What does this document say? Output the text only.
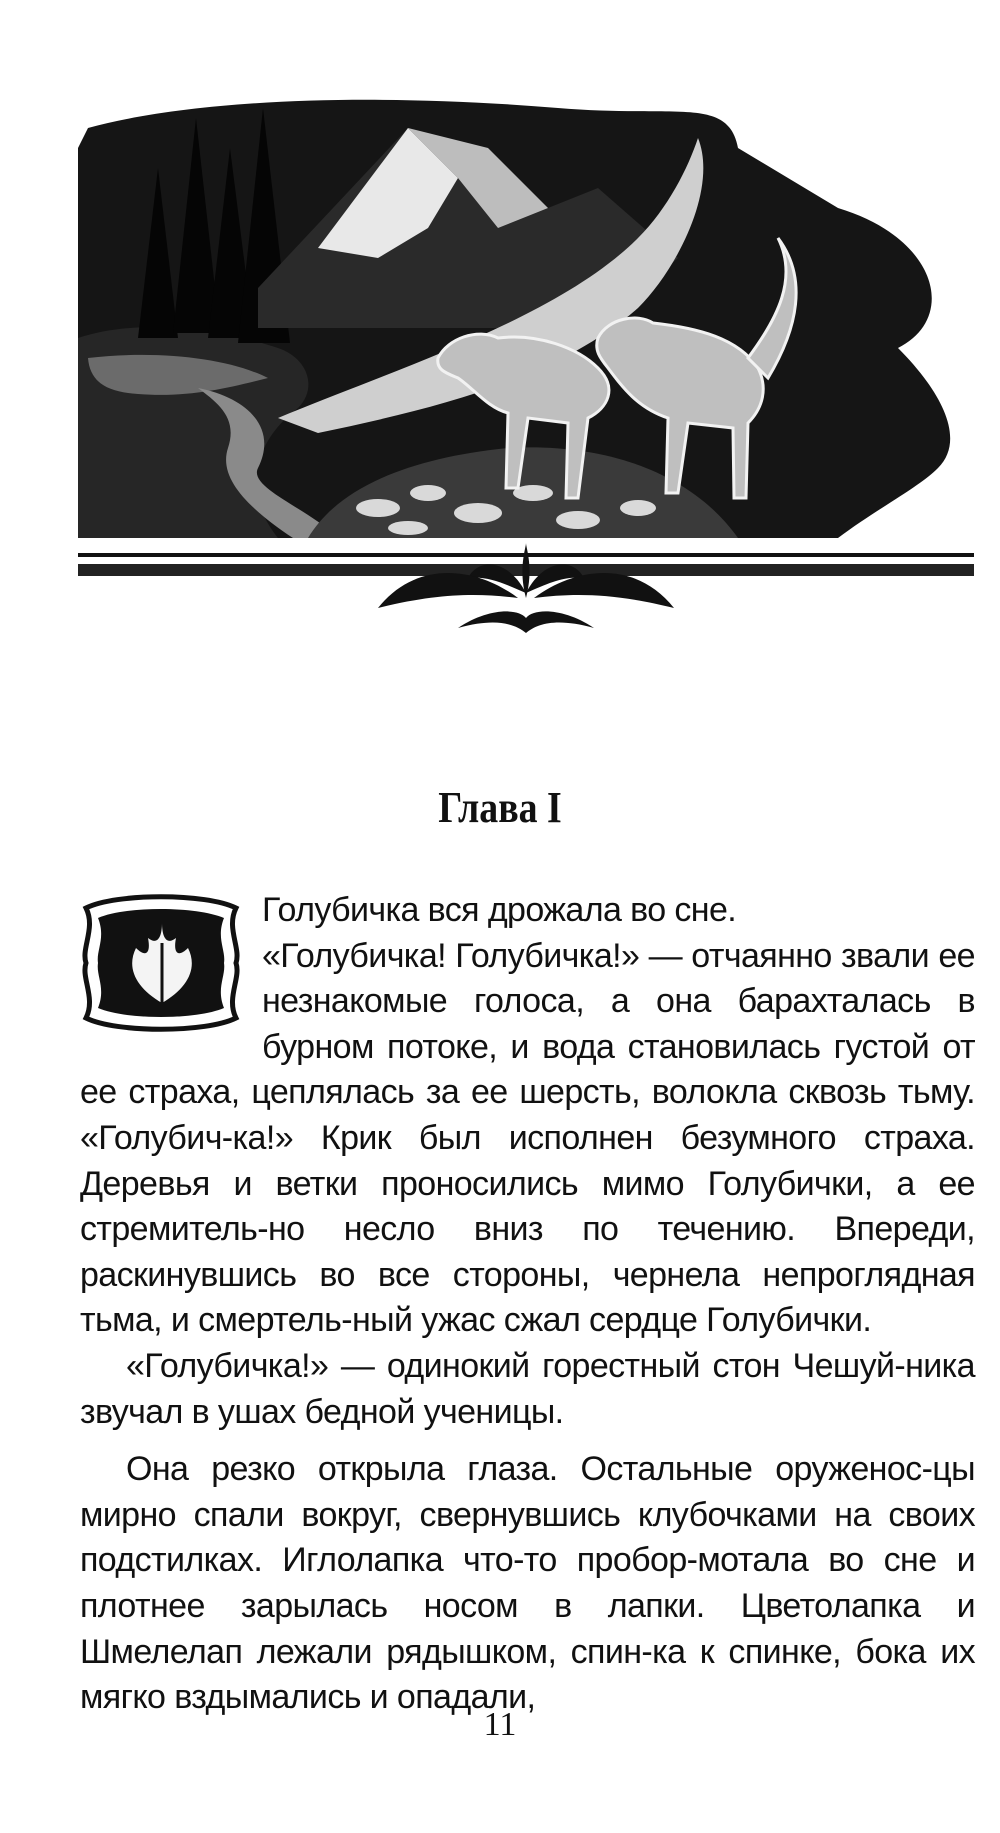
Глава I

Голубичка вся дрожала во сне.

«Голубичка! Голубичка!» — отчаянно звали ее незнакомые голоса, а она барахталась в бурном потоке, и вода становилась густой от ее страха, цеплялась за ее шерсть, волокла сквозь тьму. «Голубич-ка!» Крик был исполнен безумного страха. Деревья и ветки проносились мимо Голубички, а ее стремитель-но несло вниз по течению. Впереди, раскинувшись во все стороны, чернела непроглядная тьма, и смертель-ный ужас сжал сердце Голубички.

«Голубичка!» — одинокий горестный стон Чешуй-ника звучал в ушах бедной ученицы.

Она резко открыла глаза. Остальные оруженос-цы мирно спали вокруг, свернувшись клубочками на своих подстилках. Иглолапка что-то пробор-мотала во сне и плотнее зарылась носом в лапки. Цветолапка и Шмелелап лежали рядышком, спин-ка к спинке, бока их мягко вздымались и опадали,

11
